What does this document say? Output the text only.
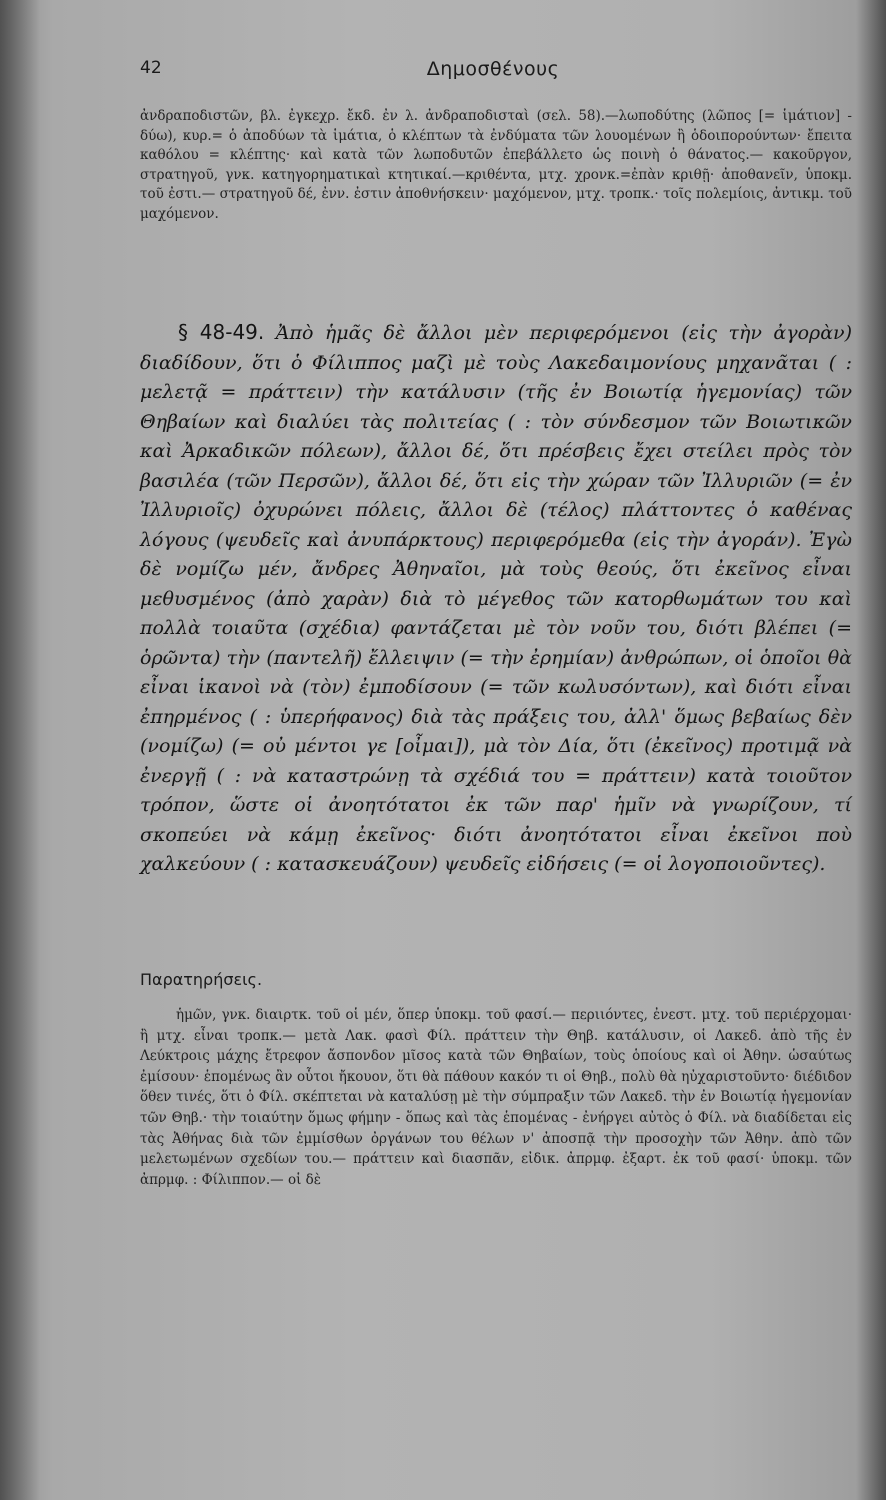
42	Δημοσθένους
ἀνδραποδιστῶν, βλ. ἐγκεχρ. ἔκδ. ἐν λ. ἀνδραποδισταὶ (σελ. 58).—λωποδύτης (λῶπος [= ἱμάτιον] - δύω), κυρ.= ὁ ἀποδύων τὰ ἱμάτια, ὁ κλέπτων τὰ ἐνδύματα τῶν λουομένων ἢ ὁδοιπορούντων· ἔπειτα καθόλου = κλέπτης· καὶ κατὰ τῶν λωποδυτῶν ἐπεβάλλετο ὡς ποινὴ ὁ θάνατος.— κακοῦργον, στρατηγοῦ, γνκ. κατηγορηματικαὶ κτητικαί.—κριθέντα, μτχ. χρονκ.=ἐπὰν κριθῇ· ἀποθανεῖν, ὑποκμ. τοῦ ἐστι.— στρατηγοῦ δέ, ἐνν. ἐστιν ἀποθνήσκειν· μαχόμενον, μτχ. τροπκ.· τοῖς πολεμίοις, ἀντικμ. τοῦ μαχόμενον.
§ 48-49. Ἀπὸ ἡμᾶς δὲ ἄλλοι μὲν περιφερόμενοι (εἰς τὴν ἀγορὰν) διαδίδουν, ὅτι ὁ Φίλιππος μαζὶ μὲ τοὺς Λακεδαιμονίους μηχανᾶται ( : μελετᾷ = πράττειν) τὴν κατάλυσιν (τῆς ἐν Βοιωτίᾳ ἡγεμονίας) τῶν Θηβαίων καὶ διαλύει τὰς πολιτείας ( : τὸν σύνδεσμον τῶν Βοιωτικῶν καὶ Ἀρκαδικῶν πόλεων), ἄλλοι δέ, ὅτι πρέσβεις ἔχει στείλει πρὸς τὸν βασιλέα (τῶν Περσῶν), ἄλλοι δέ, ὅτι εἰς τὴν χώραν τῶν Ἰλλυριῶν (= ἐν Ἰλλυριοῖς) ὀχυρώνει πόλεις, ἄλλοι δὲ (τέλος) πλάττοντες ὁ καθένας λόγους (ψευδεῖς καὶ ἀνυπάρκτους) περιφερόμεθα (εἰς τὴν ἀγοράν). Ἐγὼ δὲ νομίζω μέν, ἄνδρες Ἀθηναῖοι, μὰ τοὺς θεούς, ὅτι ἐκεῖνος εἶναι μεθυσμένος (ἀπὸ χαρὰν) διὰ τὸ μέγεθος τῶν κατορθωμάτων του καὶ πολλὰ τοιαῦτα (σχέδια) φαντάζεται μὲ τὸν νοῦν του, διότι βλέπει (= ὁρῶντα) τὴν (παντελῆ) ἔλλειψιν (= τὴν ἐρημίαν) ἀνθρώπων, οἱ ὁποῖοι θὰ εἶναι ἱκανοὶ νὰ (τὸν) ἐμποδίσουν (= τῶν κωλυσόντων), καὶ διότι εἶναι ἐπηρμένος ( : ὑπερήφανος) διὰ τὰς πράξεις του, ἀλλ' ὅμως βεβαίως δὲν (νομίζω) (= οὐ μέντοι γε [οἶμαι]), μὰ τὸν Δία, ὅτι (ἐκεῖνος) προτιμᾷ νὰ ἐνεργῇ ( : νὰ καταστρώνῃ τὰ σχέδιά του = πράττειν) κατὰ τοιοῦτον τρόπον, ὥστε οἱ ἀνοητότατοι ἐκ τῶν παρ' ἡμῖν νὰ γνωρίζουν, τί σκοπεύει νὰ κάμῃ ἐκεῖνος· διότι ἀνοητότατοι εἶναι ἐκεῖνοι ποὺ χαλκεύουν ( : κατασκευάζουν) ψευδεῖς εἰδήσεις (= οἱ λογοποιοῦντες).
Παρατηρήσεις.
ἡμῶν, γνκ. διαιρτκ. τοῦ οἱ μέν, ὅπερ ὑποκμ. τοῦ φασί.— περιιόντες, ἐνεστ. μτχ. τοῦ περιέρχομαι· ἢ μτχ. εἶναι τροπκ.— μετὰ Λακ. φασὶ Φίλ. πράττειν τὴν Θηβ. κατάλυσιν, οἱ Λακεδ. ἀπὸ τῆς ἐν Λεύκτροις μάχης ἔτρεφον ἄσπονδον μῖσος κατὰ τῶν Θηβαίων, τοὺς ὁποίους καὶ οἱ Ἀθην. ὡσαύτως ἐμίσουν· ἑπομένως ἂν οὗτοι ἤκουον, ὅτι θὰ πάθουν κακόν τι οἱ Θηβ., πολὺ θὰ ηὐχαριστοῦντο· διέδιδον ὅθεν τινές, ὅτι ὁ Φίλ. σκέπτεται νὰ καταλύσῃ μὲ τὴν σύμπραξιν τῶν Λακεδ. τὴν ἐν Βοιωτίᾳ ἡγεμονίαν τῶν Θηβ.· τὴν τοιαύτην ὅμως φήμην - ὅπως καὶ τὰς ἑπομένας - ἐνήργει αὐτὸς ὁ Φίλ. νὰ διαδίδεται εἰς τὰς Ἀθήνας διὰ τῶν ἐμμίσθων ὀργάνων του θέλων ν' ἀποσπᾷ τὴν προσοχὴν τῶν Ἀθην. ἀπὸ τῶν μελετωμένων σχεδίων του.— πράττειν καὶ διασπᾶν, εἰδικ. ἀπρμφ. ἐξαρτ. ἐκ τοῦ φασί· ὑποκμ. τῶν ἀπρμφ. : Φίλιππον.— οἱ δὲ
